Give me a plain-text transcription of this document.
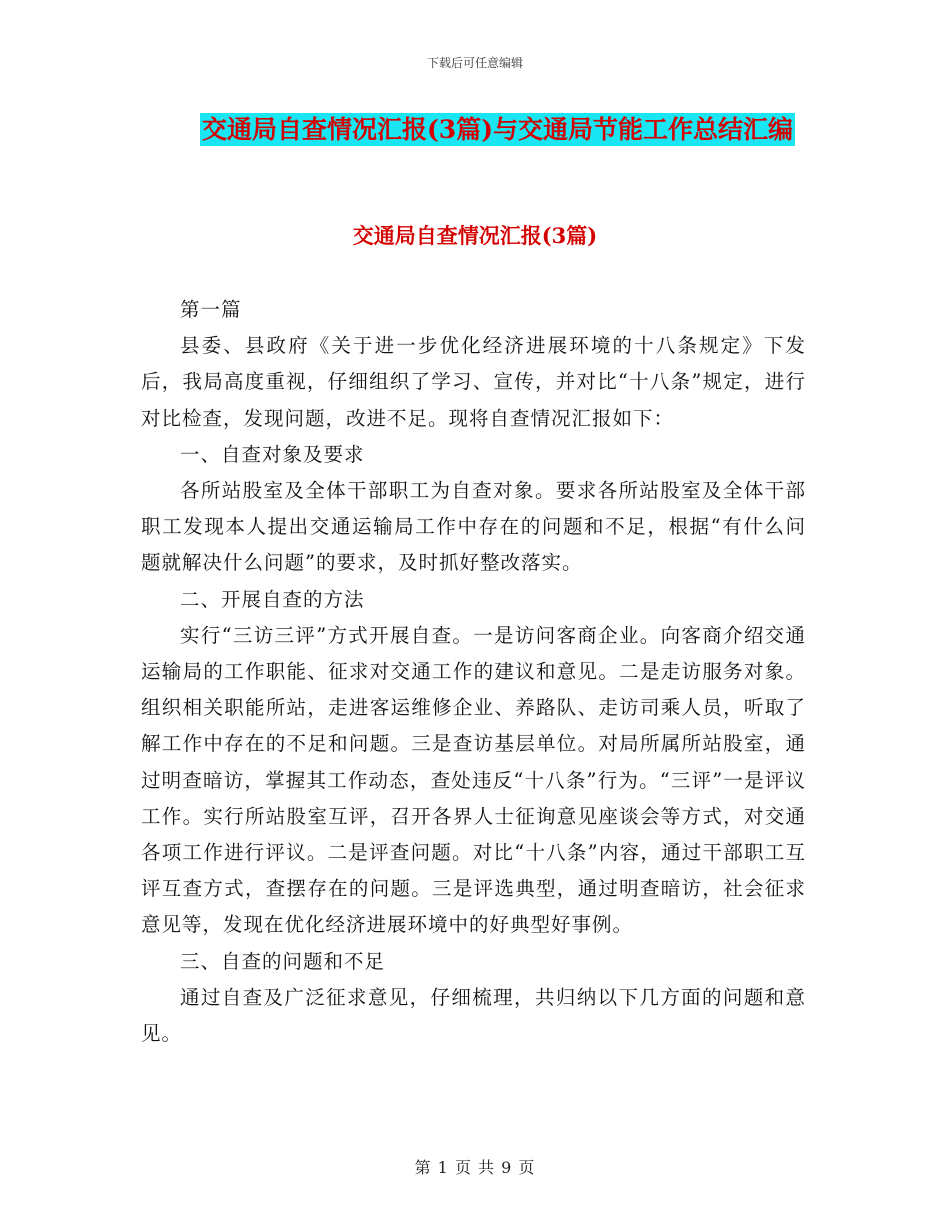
下载后可任意编辑
交通局自查情况汇报(3篇)与交通局节能工作总结汇编
交通局自查情况汇报(3篇)

第一篇

县委、县政府《关于进一步优化经济进展环境的十八条规定》下发后，我局高度重视，仔细组织了学习、宣传，并对比“十八条”规定，进行对比检查，发现问题，改进不足。现将自查情况汇报如下：

一、自查对象及要求

各所站股室及全体干部职工为自查对象。要求各所站股室及全体干部职工发现本人提出交通运输局工作中存在的问题和不足，根据“有什么问题就解决什么问题”的要求，及时抓好整改落实。

二、开展自查的方法

实行“三访三评”方式开展自查。一是访问客商企业。向客商介绍交通运输局的工作职能、征求对交通工作的建议和意见。二是走访服务对象。组织相关职能所站，走进客运维修企业、养路队、走访司乘人员，听取了解工作中存在的不足和问题。三是查访基层单位。对局所属所站股室，通过明查暗访，掌握其工作动态，查处违反“十八条”行为。“三评”一是评议工作。实行所站股室互评，召开各界人士征询意见座谈会等方式，对交通各项工作进行评议。二是评查问题。对比“十八条”内容，通过干部职工互评互查方式，查摆存在的问题。三是评选典型，通过明查暗访，社会征求意见等，发现在优化经济进展环境中的好典型好事例。

三、自查的问题和不足

通过自查及广泛征求意见，仔细梳理，共归纳以下几方面的问题和意见。

第 1 页 共 9 页
